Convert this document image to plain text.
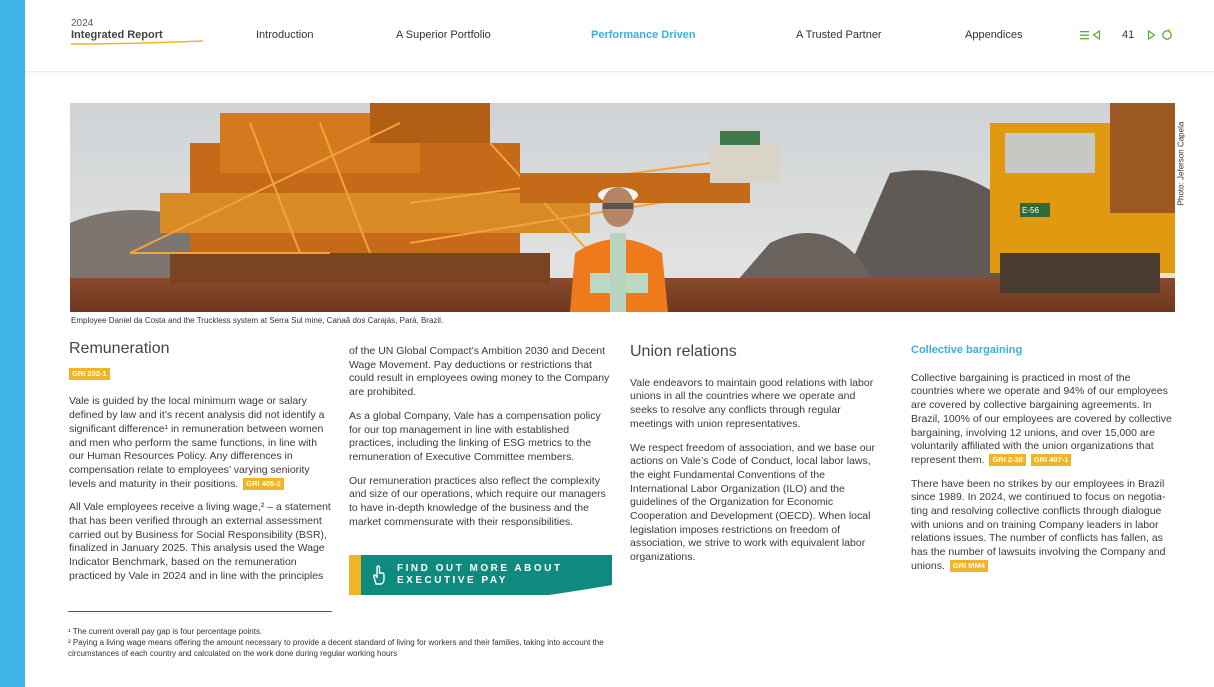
2024
Integrated Report	Introduction	A Superior Portfolio	Performance Driven	A Trusted Partner	Appendices	41
E-56
Photo: Jeferson Capela
Employee Daniel da Costa and the Truckless system at Serra Sul mine, Canaã dos Carajás, Pará, Brazil.
Remuneration
GRI 202-1

Vale is guided by the local minimum wage or salary defined by law and it’s recent analysis did not identify a significant difference¹ in remuneration between women and men who perform the same functions, in line with our Human Resources Policy. Any differences in compensation relate to employees’ varying seniority levels and maturity in their positions. GRI 405-2

All Vale employees receive a living wage,² – a statement that has been verified through an external assessment carried out by Business for Social Responsibility (BSR), finalized in January 2025. This analysis used the Wage Indicator Benchmark, based on the remuneration practiced by Vale in 2024 and in line with the principles

of the UN Global Compact’s Ambition 2030 and Decent Wage Movement. Pay deductions or restrictions that could result in employees owing money to the Company are prohibited.

As a global Company, Vale has a compensation policy for our top management in line with established practices, including the linking of ESG metrics to the remuneration of Executive Committee members.

Our remuneration practices also reflect the complexity and size of our operations, which require our managers to have in-depth knowledge of the business and the market commensurate with their responsibilities.

FIND OUT MORE ABOUT
EXECUTIVE PAY
Union relations

Vale endeavors to maintain good relations with labor unions in all the countries where we operate and seeks to resolve any conflicts through regular meetings with union representatives.

We respect freedom of association, and we base our actions on Vale’s Code of Conduct, local labor laws, the eight Fundamental Conventions of the International Labor Organization (ILO) and the guidelines of the Organization for Economic Cooperation and Development (OECD). When local legislation imposes restrictions on freedom of association, we strive to work with equivalent labor organizations.

Collective bargaining

Collective bargaining is practiced in most of the countries where we operate and 94% of our employees are covered by collective bargaining agreements. In Brazil, 100% of our employees are covered by collective bargaining, involving 12 unions, and over 15,000 are voluntarily affiliated with the union organizations that represent them. GRI 2-30 GRI 407-1

There have been no strikes by our employees in Brazil since 1989. In 2024, we continued to focus on negotia-ting and resolving collective conflicts through dialogue with unions and on training Company leaders in labor relations issues. The number of conflicts has fallen, as has the number of lawsuits involving the Company and unions. GRI MM4

¹ The current overall pay gap is four percentage points.
² Paying a living wage means offering the amount necessary to provide a decent standard of living for workers and their families, taking into account the circumstances of each country and calculated on the work done during regular working hours
